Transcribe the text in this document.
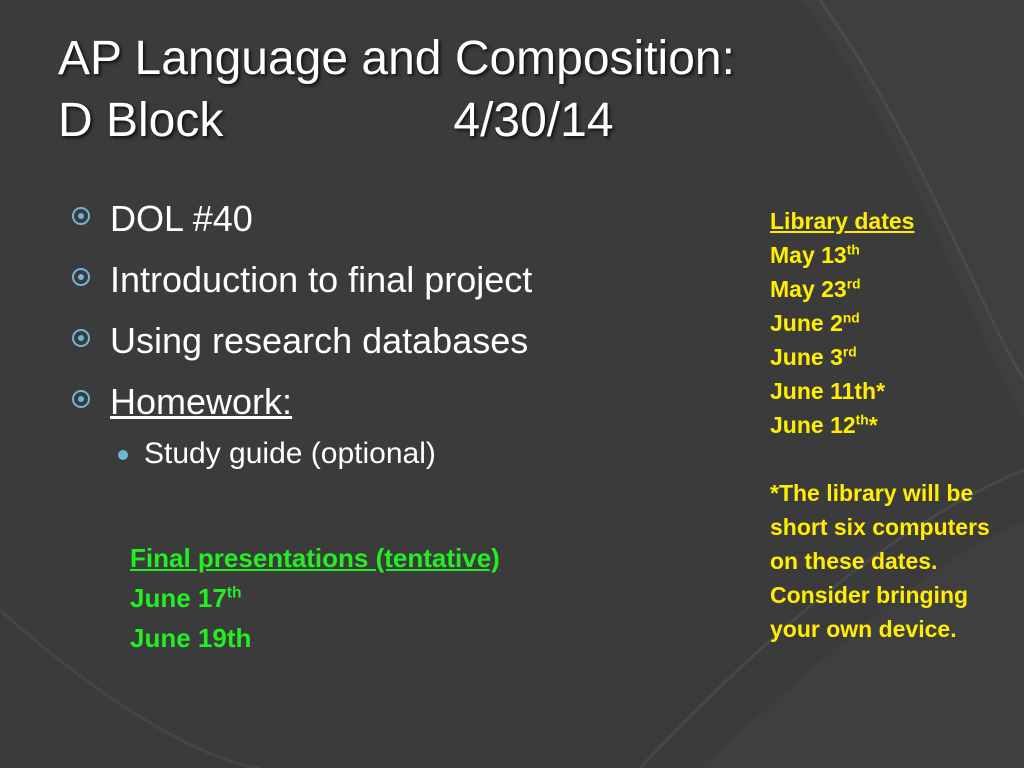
AP Language and Composition:
D Block	4/30/14
DOL #40
Introduction to final project
Using research databases
Homework:
Study guide (optional)
Final presentations (tentative)
June 17th
June 19th
Library dates
May 13th
May 23rd
June 2nd
June 3rd
June 11th*
June 12th*
*The library will be short six computers on these dates. Consider bringing your own device.
